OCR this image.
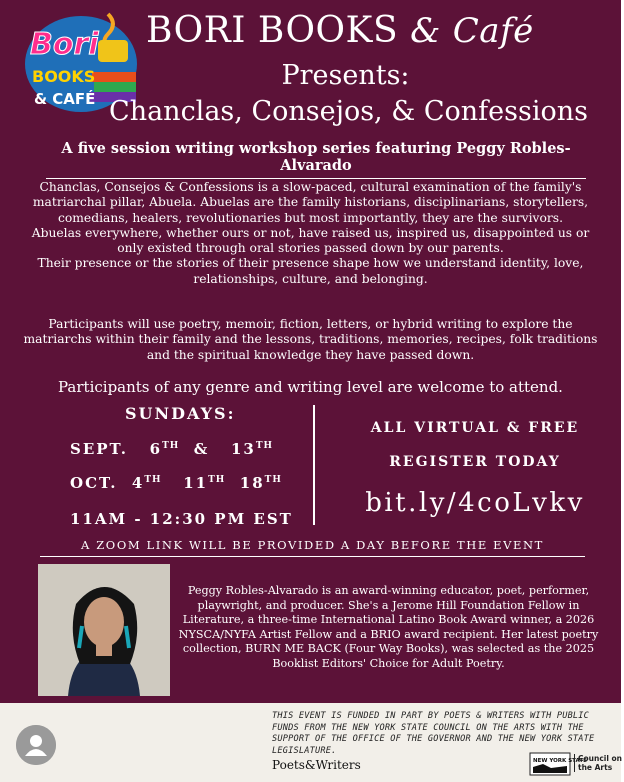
Bori
BOOKS
& CAFÉ
BORI BOOKS & Café
Presents:
Chanclas, Consejos, & Confessions
A five session writing workshop series featuring Peggy Robles-Alvarado
Chanclas, Consejos & Confessions is a slow-paced, cultural examination of the family's matriarchal pillar, Abuela. Abuelas are the family historians, disciplinarians, storytellers, comedians, healers, revolutionaries but most importantly, they are the survivors.
Abuelas everywhere, whether ours or not, have raised us, inspired us, disappointed us or only existed through oral stories passed down by our parents.
Their presence or the stories of their presence shape how we understand identity, love, relationships, culture, and belonging.
Participants will use poetry, memoir, fiction, letters, or hybrid writing to explore the matriarchs within their family and the lessons, traditions, memories, recipes, folk traditions and the spiritual knowledge they have passed down.
Participants of any genre and writing level are welcome to attend.
SUNDAYS:
SEPT. 6TH & 13TH
OCT. 4TH 11TH 18TH
11AM - 12:30 PM EST
ALL VIRTUAL & FREE
REGISTER TODAY
bit.ly/4coLvkv
A ZOOM LINK WILL BE PROVIDED A DAY BEFORE THE EVENT
Peggy Robles-Alvarado is an award-winning educator, poet, performer, playwright, and producer. She's a Jerome Hill Foundation Fellow in Literature, a three-time International Latino Book Award winner, a 2026 NYSCA/NYFA Artist Fellow and a BRIO award recipient. Her latest poetry collection, BURN ME BACK (Four Way Books), was selected as the 2025 Booklist Editors' Choice for Adult Poetry.
THIS EVENT IS FUNDED IN PART BY POETS & WRITERS WITH PUBLIC FUNDS FROM THE NEW YORK STATE COUNCIL ON THE ARTS WITH THE SUPPORT OF THE OFFICE OF THE GOVERNOR AND THE NEW YORK STATE LEGISLATURE.
Poets&Writers	NEW YORK STATE
Council on the Arts
